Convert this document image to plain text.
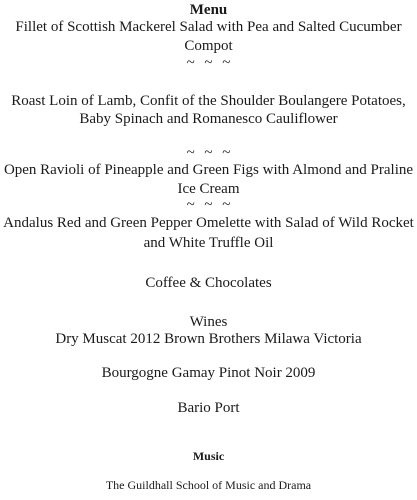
Menu
Fillet of Scottish Mackerel Salad with Pea and Salted Cucumber
Compot
~ ~ ~
Roast Loin of Lamb, Confit of the Shoulder Boulangere Potatoes,
Baby Spinach and Romanesco Cauliflower
~ ~ ~
Open Ravioli of Pineapple and Green Figs with Almond and Praline
Ice Cream
~ ~ ~
Andalus Red and Green Pepper Omelette with Salad of Wild Rocket
and White Truffle Oil
Coffee & Chocolates
Wines
Dry Muscat 2012 Brown Brothers Milawa Victoria
Bourgogne Gamay Pinot Noir 2009
Bario Port
Music
The Guildhall School of Music and Drama
